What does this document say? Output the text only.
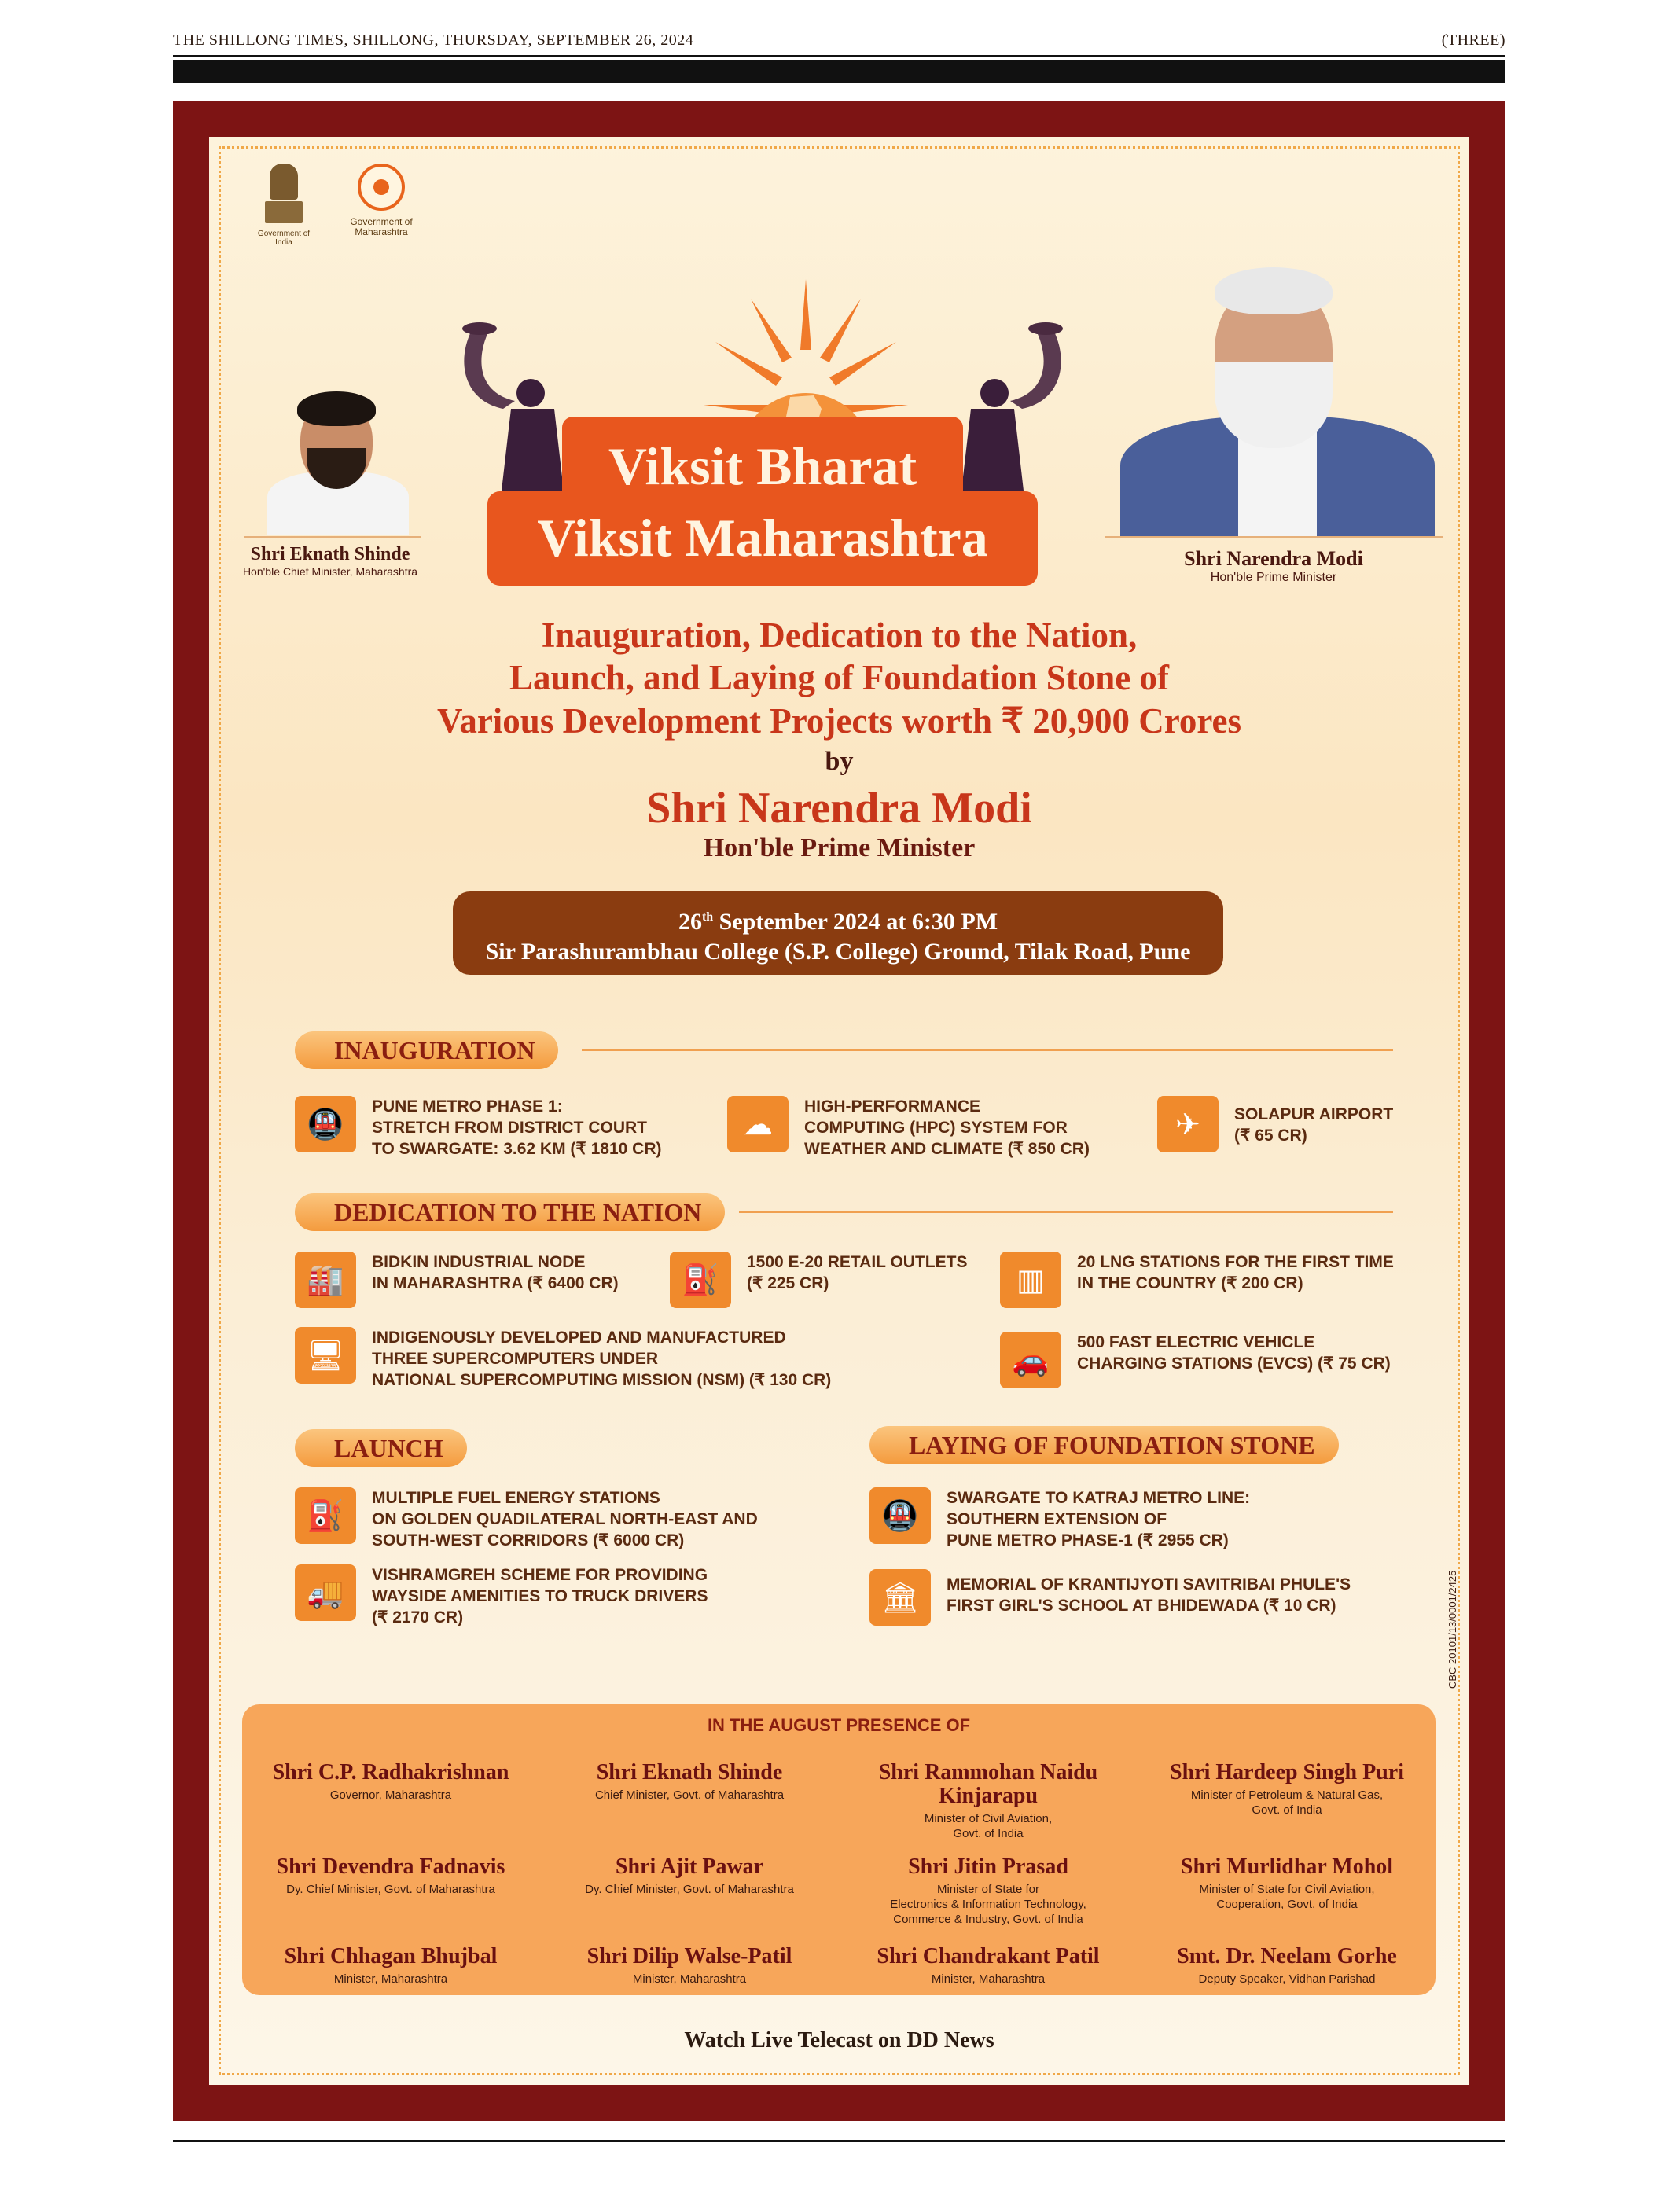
THE SHILLONG TIMES, SHILLONG, THURSDAY, SEPTEMBER 26, 2024	(THREE)
Government of India
Government of
Maharashtra
Viksit Bharat
Viksit Maharashtra
Shri Eknath Shinde
Hon'ble Chief Minister, Maharashtra
Shri Narendra Modi
Hon'ble Prime Minister
Inauguration, Dedication to the Nation,
Launch, and Laying of Foundation Stone of
Various Development Projects worth ₹ 20,900 Crores
by
Shri Narendra Modi
Hon'ble Prime Minister
26th September 2024 at 6:30 PM
Sir Parashurambhau College (S.P. College) Ground, Tilak Road, Pune
INAUGURATION
🚇
PUNE METRO PHASE 1:
STRETCH FROM DISTRICT COURT
TO SWARGATE: 3.62 KM (₹ 1810 CR)
☁
HIGH-PERFORMANCE
COMPUTING (HPC) SYSTEM FOR
WEATHER AND CLIMATE (₹ 850 CR)
✈	SOLAPUR AIRPORT
(₹ 65 CR)
DEDICATION TO THE NATION
🏭
BIDKIN INDUSTRIAL NODE
IN MAHARASHTRA (₹ 6400 CR)	⛽
1500 E-20 RETAIL OUTLETS
(₹ 225 CR)	▥
20 LNG STATIONS FOR THE FIRST TIME
IN THE COUNTRY (₹ 200 CR)
🖥
INDIGENOUSLY DEVELOPED AND MANUFACTURED
THREE SUPERCOMPUTERS UNDER
NATIONAL SUPERCOMPUTING MISSION (NSM) (₹ 130 CR)
🚗
500 FAST ELECTRIC VEHICLE
CHARGING STATIONS (EVCS) (₹ 75 CR)
LAUNCH
⛽
MULTIPLE FUEL ENERGY STATIONS
ON GOLDEN QUADILATERAL NORTH-EAST AND
SOUTH-WEST CORRIDORS (₹ 6000 CR)
🚚
VISHRAMGREH SCHEME FOR PROVIDING
WAYSIDE AMENITIES TO TRUCK DRIVERS
(₹ 2170 CR)
LAYING OF FOUNDATION STONE
🚇
SWARGATE TO KATRAJ METRO LINE:
SOUTHERN EXTENSION OF
PUNE METRO PHASE-1 (₹ 2955 CR)
🏛	MEMORIAL OF KRANTIJYOTI SAVITRIBAI PHULE'S
FIRST GIRL'S SCHOOL AT BHIDEWADA (₹ 10 CR)	CBC 20101/13/0001/2425
IN THE AUGUST PRESENCE OF
Shri C.P. Radhakrishnan
Governor, Maharashtra
Shri Eknath Shinde
Chief Minister, Govt. of Maharashtra
Shri Rammohan Naidu
Kinjarapu
Minister of Civil Aviation,
Govt. of India
Shri Hardeep Singh Puri
Minister of Petroleum & Natural Gas,
Govt. of India
Shri Devendra Fadnavis
Dy. Chief Minister, Govt. of Maharashtra
Shri Ajit Pawar
Dy. Chief Minister, Govt. of Maharashtra
Shri Jitin Prasad
Minister of State for
Electronics & Information Technology,
Commerce & Industry, Govt. of India
Shri Murlidhar Mohol
Minister of State for Civil Aviation,
Cooperation, Govt. of India
Shri Chhagan Bhujbal
Minister, Maharashtra
Shri Dilip Walse-Patil
Minister, Maharashtra
Shri Chandrakant Patil
Minister, Maharashtra
Smt. Dr. Neelam Gorhe
Deputy Speaker, Vidhan Parishad
Watch Live Telecast on DD News
